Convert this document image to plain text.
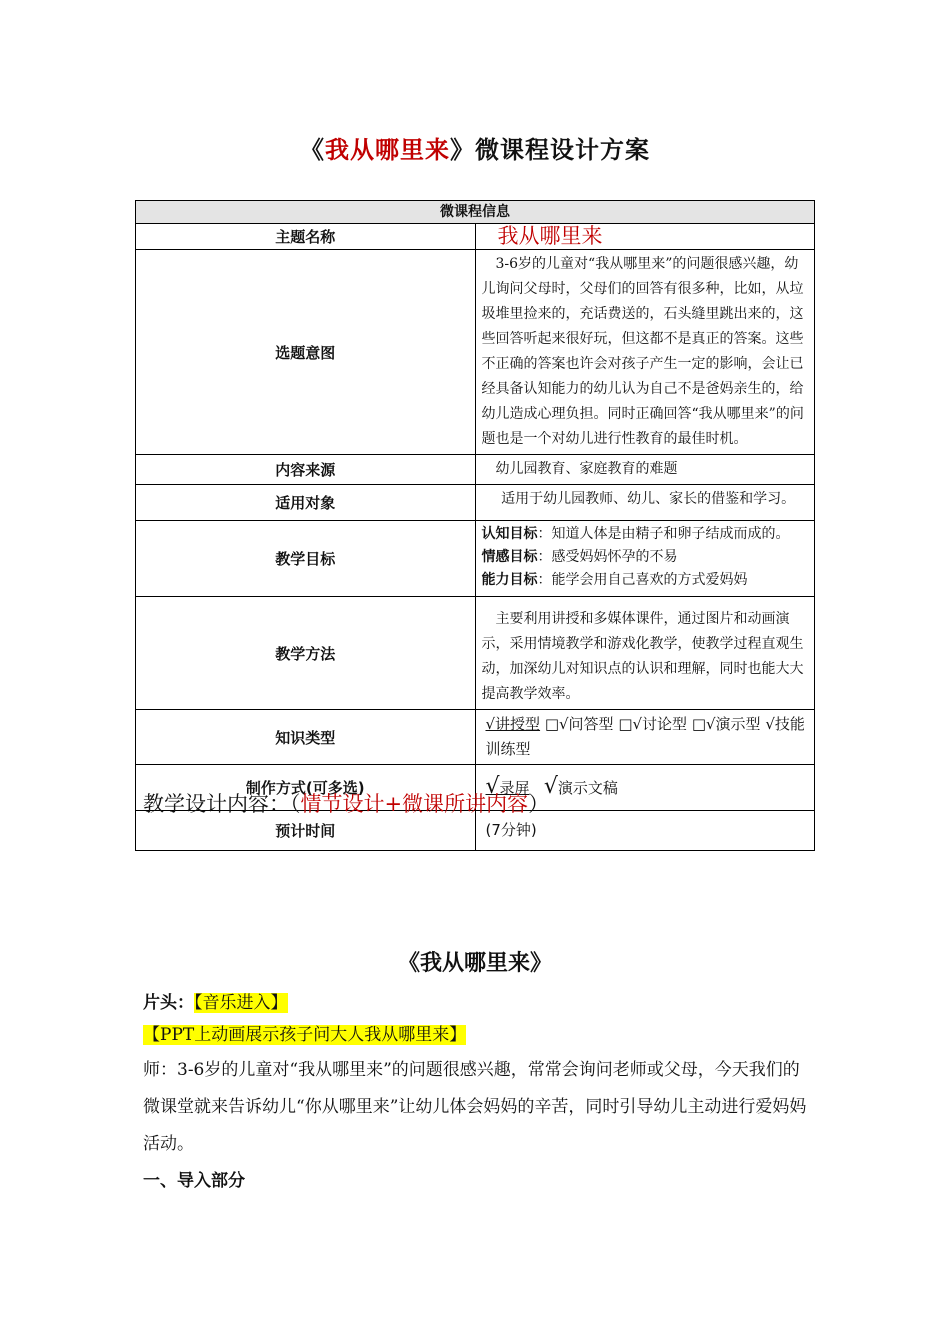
《我从哪里来》微课程设计方案
微课程信息	
主题名称	我从哪里来

选题意图	3-6岁的儿童对“我从哪里来”的问题很感兴趣，幼儿询问父母时，父母们的回答有很多种，比如，从垃圾堆里捡来的，充话费送的，石头缝里跳出来的，这些回答听起来很好玩，但这都不是真正的答案。这些不正确的答案也许会对孩子产生一定的影响，会让已经具备认知能力的幼儿认为自己不是爸妈亲生的，给幼儿造成心理负担。同时正确回答“我从哪里来”的问题也是一个对幼儿进行性教育的最佳时机。

内容来源	幼儿园教育、家庭教育的难题

适用对象	适用于幼儿园教师、幼儿、家长的借鉴和学习。

教学目标	认知目标：知道人体是由精子和卵子结成而成的。
情感目标：感受妈妈怀孕的不易
能力目标：能学会用自己喜欢的方式爱妈妈

教学方法	主要利用讲授和多媒体课件，通过图片和动画演示，采用情境教学和游戏化教学，使教学过程直观生动，加深幼儿对知识点的认识和理解，同时也能大大提高教学效率。

知识类型	√讲授型 □√问答型 □√讨论型 □√演示型 √技能训练型

制作方式(可多选)	√录屏 √演示文稿

预计时间	(7分钟)
教学设计内容：（情节设计+微课所讲内容）
《我从哪里来》
片头：【音乐进入】
【PPT上动画展示孩子问大人我从哪里来】
师：3-6岁的儿童对“我从哪里来”的问题很感兴趣，常常会询问老师或父母，今天我们的微课堂就来告诉幼儿“你从哪里来”让幼儿体会妈妈的辛苦，同时引导幼儿主动进行爱妈妈活动。
一、导入部分
